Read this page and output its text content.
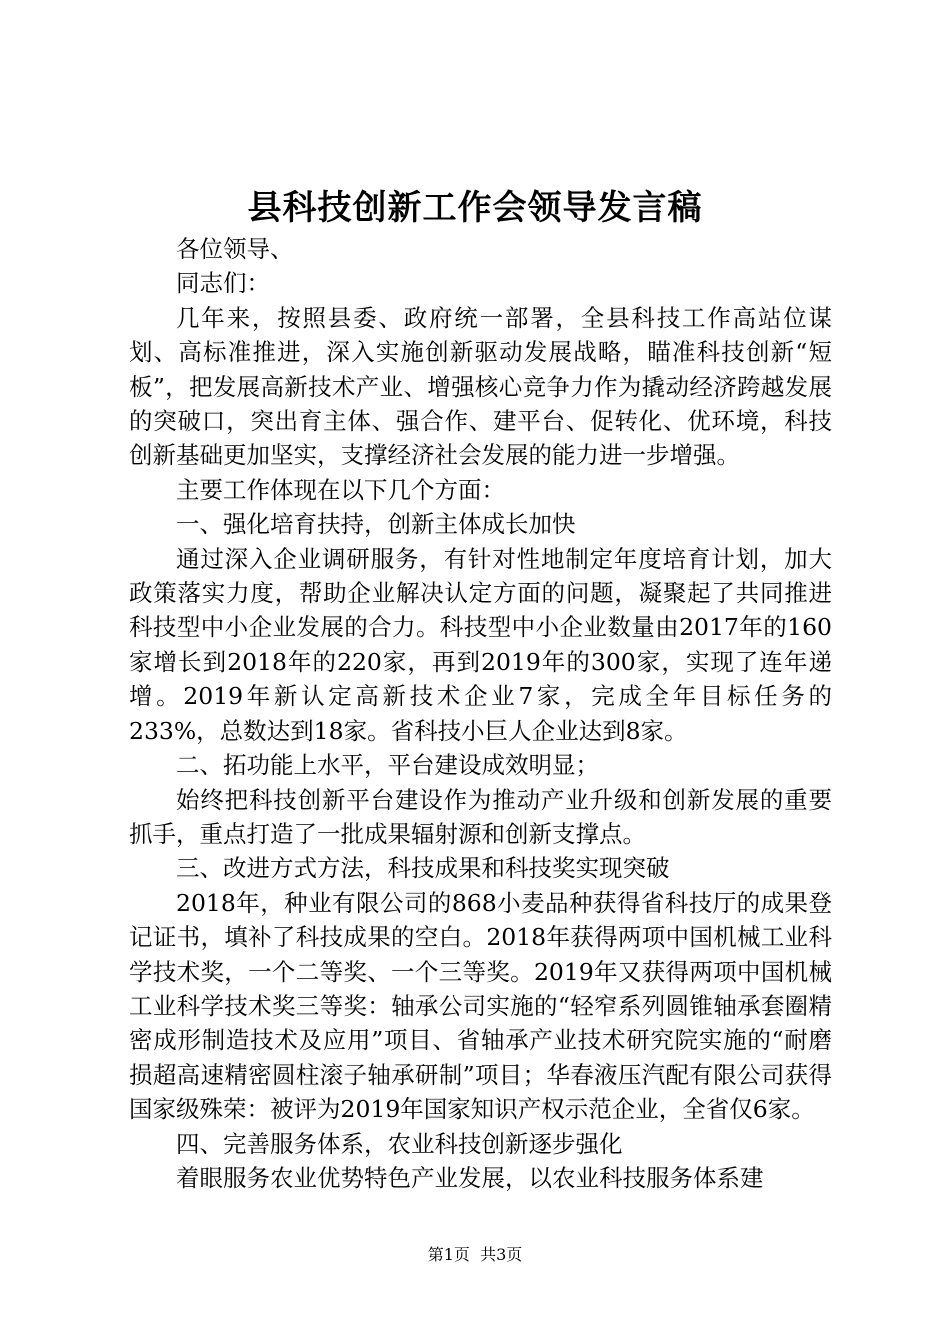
县科技创新工作会领导发言稿

各位领导、

同志们：

几年来，按照县委、政府统一部署，全县科技工作高站位谋划、高标准推进，深入实施创新驱动发展战略，瞄准科技创新“短板”，把发展高新技术产业、增强核心竞争力作为撬动经济跨越发展的突破口，突出育主体、强合作、建平台、促转化、优环境，科技创新基础更加坚实，支撑经济社会发展的能力进一步增强。

主要工作体现在以下几个方面：

一、强化培育扶持，创新主体成长加快

通过深入企业调研服务，有针对性地制定年度培育计划，加大政策落实力度，帮助企业解决认定方面的问题，凝聚起了共同推进科技型中小企业发展的合力。科技型中小企业数量由2017年的160家增长到2018年的220家，再到2019年的300家，实现了连年递增。2019年新认定高新技术企业7家，完成全年目标任务的233%，总数达到18家。省科技小巨人企业达到8家。

二、拓功能上水平，平台建设成效明显；

始终把科技创新平台建设作为推动产业升级和创新发展的重要抓手，重点打造了一批成果辐射源和创新支撑点。

三、改进方式方法，科技成果和科技奖实现突破

2018年，种业有限公司的868小麦品种获得省科技厅的成果登记证书，填补了科技成果的空白。2018年获得两项中国机械工业科学技术奖，一个二等奖、一个三等奖。2019年又获得两项中国机械工业科学技术奖三等奖：轴承公司实施的“轻窄系列圆锥轴承套圈精密成形制造技术及应用”项目、省轴承产业技术研究院实施的“耐磨损超高速精密圆柱滚子轴承研制”项目；华春液压汽配有限公司获得国家级殊荣：被评为2019年国家知识产权示范企业，全省仅6家。

四、完善服务体系，农业科技创新逐步强化

着眼服务农业优势特色产业发展，以农业科技服务体系建

第1页 共3页
